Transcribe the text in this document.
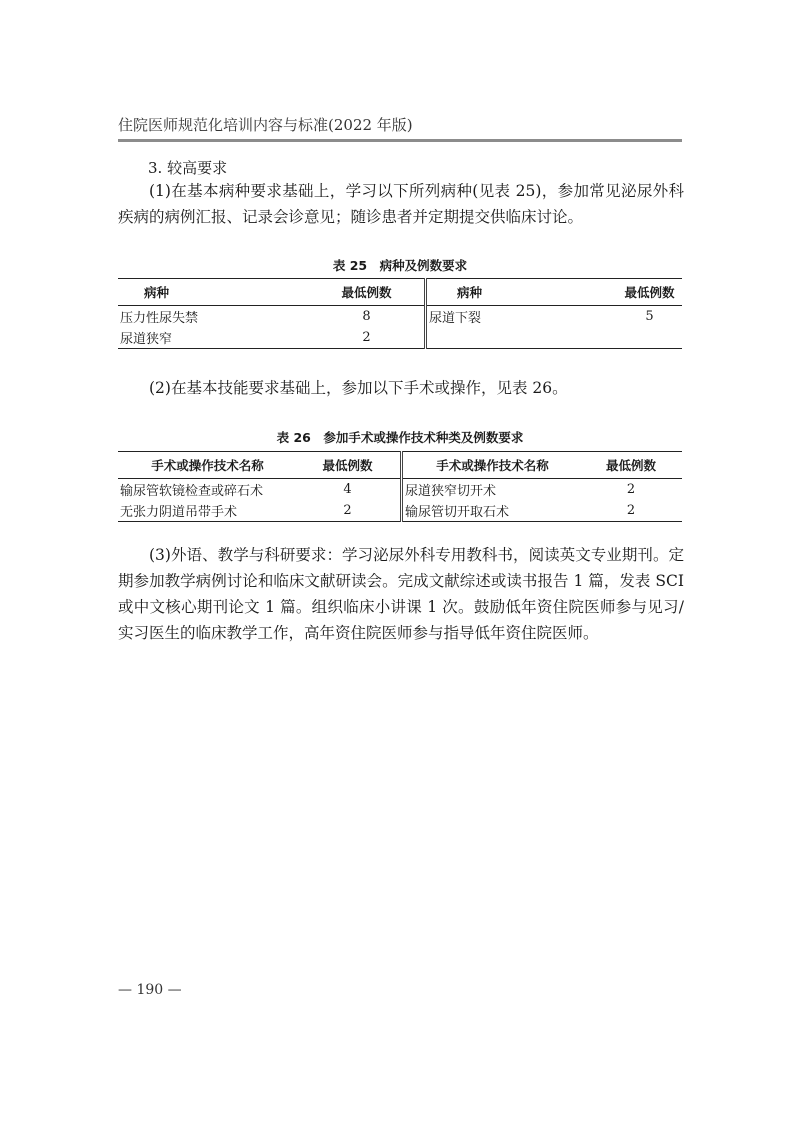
住院医师规范化培训内容与标准(2022 年版)
3. 较高要求

(1)在基本病种要求基础上，学习以下所列病种(见表 25)，参加常见泌尿外科疾病的病例汇报、记录会诊意见；随诊患者并定期提交供临床讨论。

表 25　病种及例数要求
病种	最低例数	病种	最低例数
压力性尿失禁	8	尿道下裂	5
尿道狭窄	2		

(2)在基本技能要求基础上，参加以下手术或操作，见表 26。

表 26　参加手术或操作技术种类及例数要求
手术或操作技术名称	最低例数	手术或操作技术名称	最低例数
输尿管软镜检查或碎石术	4	尿道狭窄切开术	2
无张力阴道吊带手术	2	输尿管切开取石术	2

(3)外语、教学与科研要求：学习泌尿外科专用教科书，阅读英文专业期刊。定期参加教学病例讨论和临床文献研读会。完成文献综述或读书报告 1 篇，发表 SCI 或中文核心期刊论文 1 篇。组织临床小讲课 1 次。鼓励低年资住院医师参与见习/实习医生的临床教学工作，高年资住院医师参与指导低年资住院医师。

— 190 —
